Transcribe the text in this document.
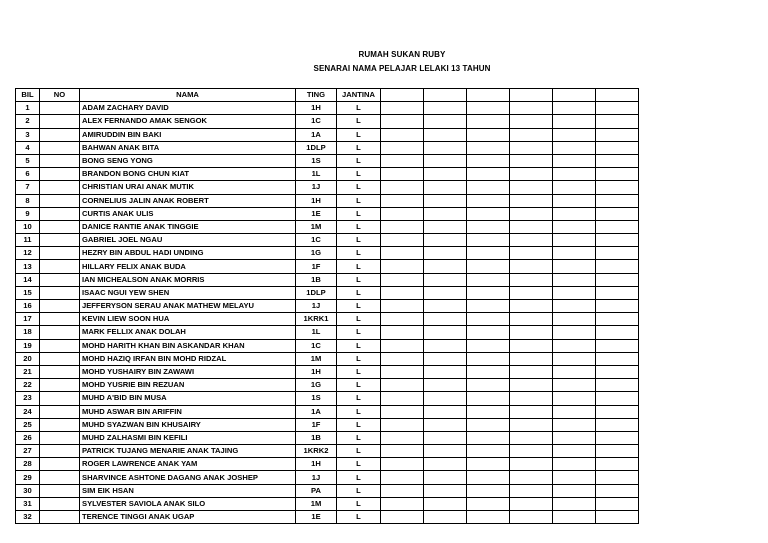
RUMAH SUKAN RUBY
SENARAI NAMA PELAJAR LELAKI 13 TAHUN
BIL	NO	NAMA	TING	JANTINA						
1		ADAM ZACHARY DAVID	1H	L						
2		ALEX FERNANDO AMAK SENGOK	1C	L						
3		AMIRUDDIN BIN BAKI	1A	L						
4		BAHWAN ANAK BITA	1DLP	L						
5		BONG SENG YONG	1S	L						
6		BRANDON BONG CHUN KIAT	1L	L						
7		CHRISTIAN URAI ANAK MUTIK	1J	L						
8		CORNELIUS JALIN ANAK ROBERT	1H	L						
9		CURTIS ANAK ULIS	1E	L						
10		DANICE RANTIE ANAK TINGGIE	1M	L						
11		GABRIEL JOEL NGAU	1C	L						
12		HEZRY BIN ABDUL HADI UNDING	1G	L						
13		HILLARY FELIX ANAK BUDA	1F	L						
14		IAN MICHEALSON ANAK MORRIS	1B	L						
15		ISAAC NGUI YEW SHEN	1DLP	L						
16		JEFFERYSON SERAU ANAK MATHEW MELAYU	1J	L						
17		KEVIN LIEW SOON HUA	1KRK1	L						
18		MARK FELLIX ANAK DOLAH	1L	L						
19		MOHD HARITH KHAN BIN ASKANDAR KHAN	1C	L						
20		MOHD HAZIQ IRFAN BIN MOHD RIDZAL	1M	L						
21		MOHD YUSHAIRY BIN ZAWAWI	1H	L						
22		MOHD YUSRIE BIN REZUAN	1G	L						
23		MUHD A'BID BIN MUSA	1S	L						
24		MUHD ASWAR BIN ARIFFIN	1A	L						
25		MUHD SYAZWAN BIN KHUSAIRY	1F	L						
26		MUHD ZALHASMI BIN KEFILI	1B	L						
27		PATRICK TUJANG MENARIE ANAK TAJING	1KRK2	L						
28		ROGER LAWRENCE ANAK YAM	1H	L						
29		SHARVINCE ASHTONE DAGANG ANAK JOSHEP	1J	L						
30		SIM EIK HSAN	PA	L						
31		SYLVESTER SAVIOLA ANAK SILO	1M	L						
32		TERENCE TINGGI ANAK UGAP	1E	L						
